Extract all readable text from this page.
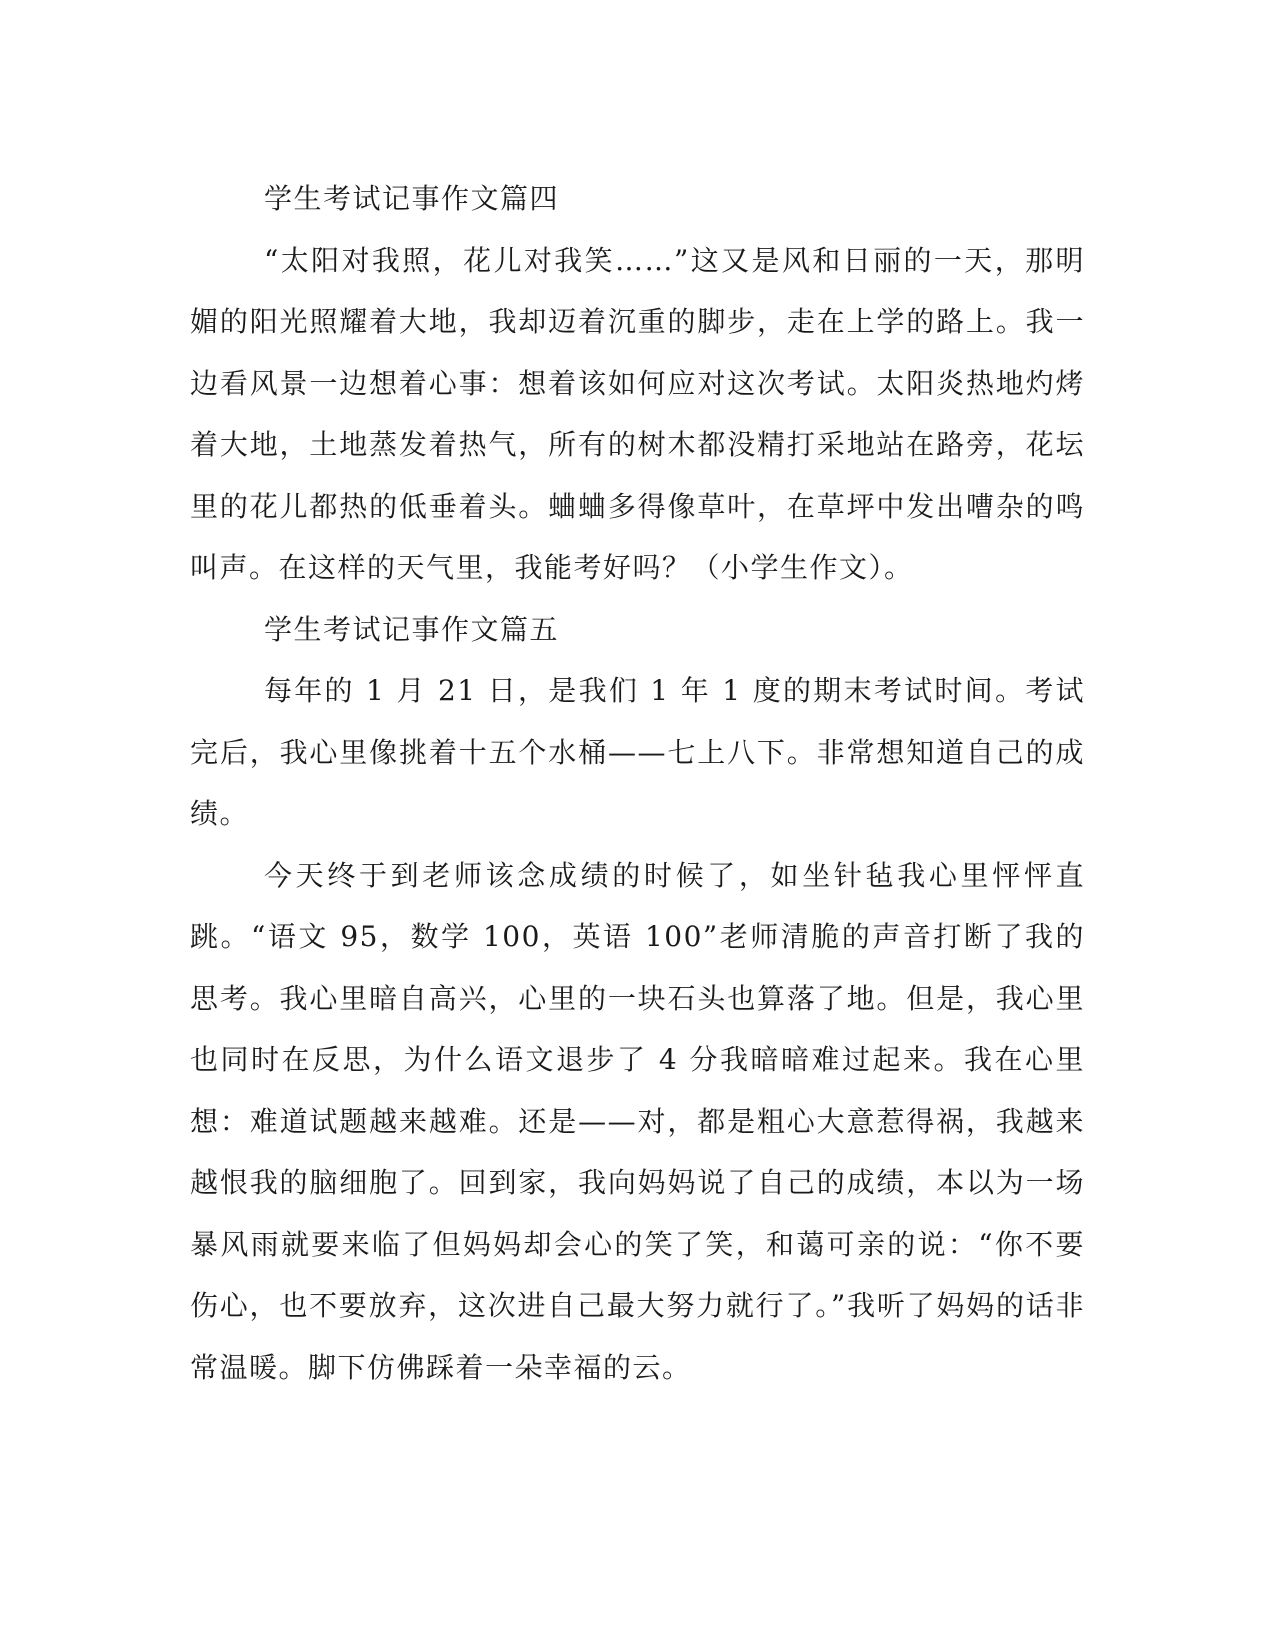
学生考试记事作文篇四

“太阳对我照，花儿对我笑……”这又是风和日丽的一天，那明媚的阳光照耀着大地，我却迈着沉重的脚步，走在上学的路上。我一边看风景一边想着心事：想着该如何应对这次考试。太阳炎热地灼烤着大地，土地蒸发着热气，所有的树木都没精打采地站在路旁，花坛里的花儿都热的低垂着头。蛐蛐多得像草叶，在草坪中发出嘈杂的鸣叫声。在这样的天气里，我能考好吗？（小学生作文）。

学生考试记事作文篇五

每年的 1 月 21 日，是我们 1 年 1 度的期末考试时间。考试完后，我心里像挑着十五个水桶——七上八下。非常想知道自己的成绩。

今天终于到老师该念成绩的时候了，如坐针毡我心里怦怦直跳。“语文 95，数学 100，英语 100”老师清脆的声音打断了我的思考。我心里暗自高兴，心里的一块石头也算落了地。但是，我心里也同时在反思，为什么语文退步了 4 分我暗暗难过起来。我在心里想：难道试题越来越难。还是——对，都是粗心大意惹得祸，我越来越恨我的脑细胞了。回到家，我向妈妈说了自己的成绩，本以为一场暴风雨就要来临了但妈妈却会心的笑了笑，和蔼可亲的说：“你不要伤心，也不要放弃，这次进自己最大努力就行了。”我听了妈妈的话非常温暖。脚下仿佛踩着一朵幸福的云。
